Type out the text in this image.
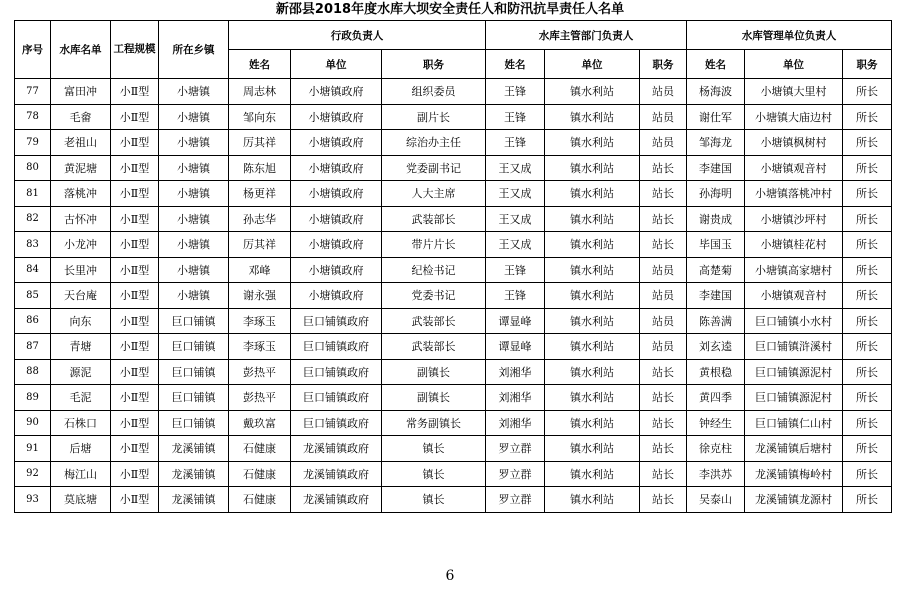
新邵县2018年度水库大坝安全责任人和防汛抗旱责任人名单
序号	水库名单	工程规模	所在乡镇	行政负责人			水库主管部门负责人			水库管理单位负责人		
				姓名	单位	职务	姓名	单位	职务	姓名	单位	职务
77	富田冲	小Ⅱ型	小塘镇	周志林	小塘镇政府	组织委员	王锋	镇水利站	站员	杨海波	小塘镇大里村	所长
78	毛畲	小Ⅱ型	小塘镇	邹向东	小塘镇政府	副片长	王锋	镇水利站	站员	谢仕军	小塘镇大庙边村	所长
79	老祖山	小Ⅱ型	小塘镇	厉其祥	小塘镇政府	综治办主任	王锋	镇水利站	站员	邹海龙	小塘镇枫树村	所长
80	黄泥塘	小Ⅱ型	小塘镇	陈东旭	小塘镇政府	党委副书记	王又成	镇水利站	站长	李建国	小塘镇观音村	所长
81	落桃冲	小Ⅱ型	小塘镇	杨更祥	小塘镇政府	人大主席	王又成	镇水利站	站长	孙海明	小塘镇落桃冲村	所长
82	古怀冲	小Ⅱ型	小塘镇	孙志华	小塘镇政府	武装部长	王又成	镇水利站	站长	谢贵成	小塘镇沙坪村	所长
83	小龙冲	小Ⅱ型	小塘镇	厉其祥	小塘镇政府	带片片长	王又成	镇水利站	站长	毕国玉	小塘镇桂花村	所长
84	长里冲	小Ⅱ型	小塘镇	邓峰	小塘镇政府	纪检书记	王锋	镇水利站	站员	高楚菊	小塘镇高家塘村	所长
85	天台庵	小Ⅱ型	小塘镇	谢永强	小塘镇政府	党委书记	王锋	镇水利站	站员	李建国	小塘镇观音村	所长
86	向东	小Ⅱ型	巨口铺镇	李琢玉	巨口铺镇政府	武装部长	谭显峰	镇水利站	站员	陈善满	巨口铺镇小水村	所长
87	青塘	小Ⅱ型	巨口铺镇	李琢玉	巨口铺镇政府	武装部长	谭显峰	镇水利站	站员	刘玄逵	巨口铺镇浒溪村	所长
88	源泥	小Ⅱ型	巨口铺镇	彭热平	巨口铺镇政府	副镇长	刘湘华	镇水利站	站长	黄根稳	巨口铺镇源泥村	所长
89	毛泥	小Ⅱ型	巨口铺镇	彭热平	巨口铺镇政府	副镇长	刘湘华	镇水利站	站长	黄四季	巨口铺镇源泥村	所长
90	石株口	小Ⅱ型	巨口铺镇	戴玖富	巨口铺镇政府	常务副镇长	刘湘华	镇水利站	站长	钟经生	巨口铺镇仁山村	所长
91	后塘	小Ⅱ型	龙溪铺镇	石健康	龙溪铺镇政府	镇长	罗立群	镇水利站	站长	徐克柱	龙溪铺镇后塘村	所长
92	梅江山	小Ⅱ型	龙溪铺镇	石健康	龙溪铺镇政府	镇长	罗立群	镇水利站	站长	李洪苏	龙溪铺镇梅岭村	所长
93	莫底塘	小Ⅱ型	龙溪铺镇	石健康	龙溪铺镇政府	镇长	罗立群	镇水利站	站长	吴泰山	龙溪铺镇龙源村	所长
6
